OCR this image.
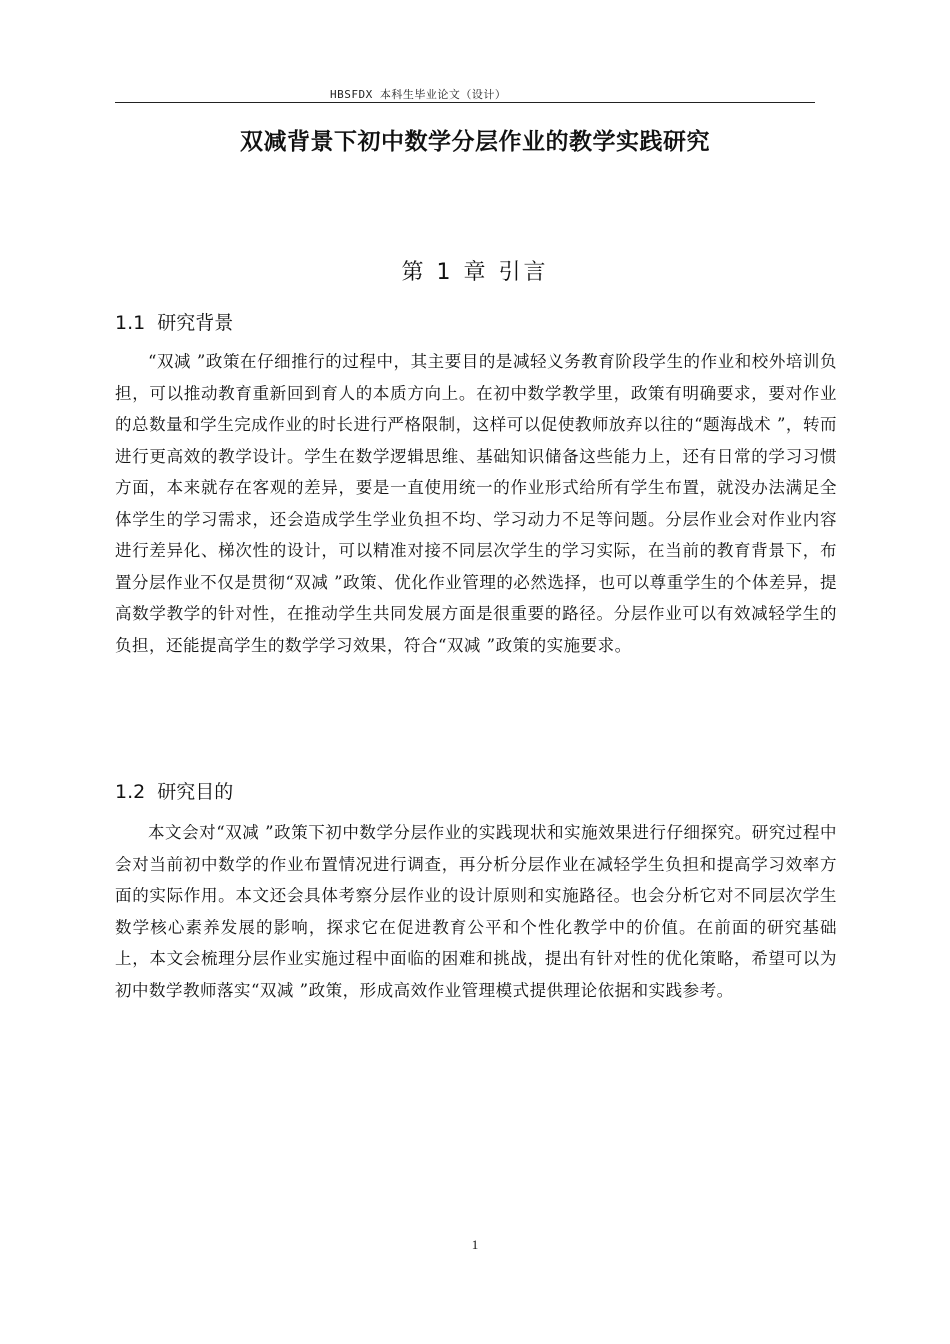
HBSFDX 本科生毕业论文（设计）
双减背景下初中数学分层作业的教学实践研究
第 1 章 引言
1.1 研究背景

“双减 ”政策在仔细推行的过程中，其主要目的是减轻义务教育阶段学生的作业和校外培训负担，可以推动教育重新回到育人的本质方向上。在初中数学教学里，政策有明确要求，要对作业的总数量和学生完成作业的时长进行严格限制，这样可以促使教师放弃以往的“题海战术 ”，转而进行更高效的教学设计。学生在数学逻辑思维、基础知识储备这些能力上，还有日常的学习习惯方面，本来就存在客观的差异，要是一直使用统一的作业形式给所有学生布置，就没办法满足全体学生的学习需求，还会造成学生学业负担不均、学习动力不足等问题。分层作业会对作业内容进行差异化、梯次性的设计，可以精准对接不同层次学生的学习实际，在当前的教育背景下，布置分层作业不仅是贯彻“双减 ”政策、优化作业管理的必然选择，也可以尊重学生的个体差异，提高数学教学的针对性，在推动学生共同发展方面是很重要的路径。分层作业可以有效减轻学生的负担，还能提高学生的数学学习效果，符合“双减 ”政策的实施要求。

1.2 研究目的

本文会对“双减 ”政策下初中数学分层作业的实践现状和实施效果进行仔细探究。研究过程中会对当前初中数学的作业布置情况进行调查，再分析分层作业在减轻学生负担和提高学习效率方面的实际作用。本文还会具体考察分层作业的设计原则和实施路径。也会分析它对不同层次学生数学核心素养发展的影响，探求它在促进教育公平和个性化教学中的价值。在前面的研究基础上，本文会梳理分层作业实施过程中面临的困难和挑战，提出有针对性的优化策略，希望可以为初中数学教师落实“双减 ”政策，形成高效作业管理模式提供理论依据和实践参考。

1
